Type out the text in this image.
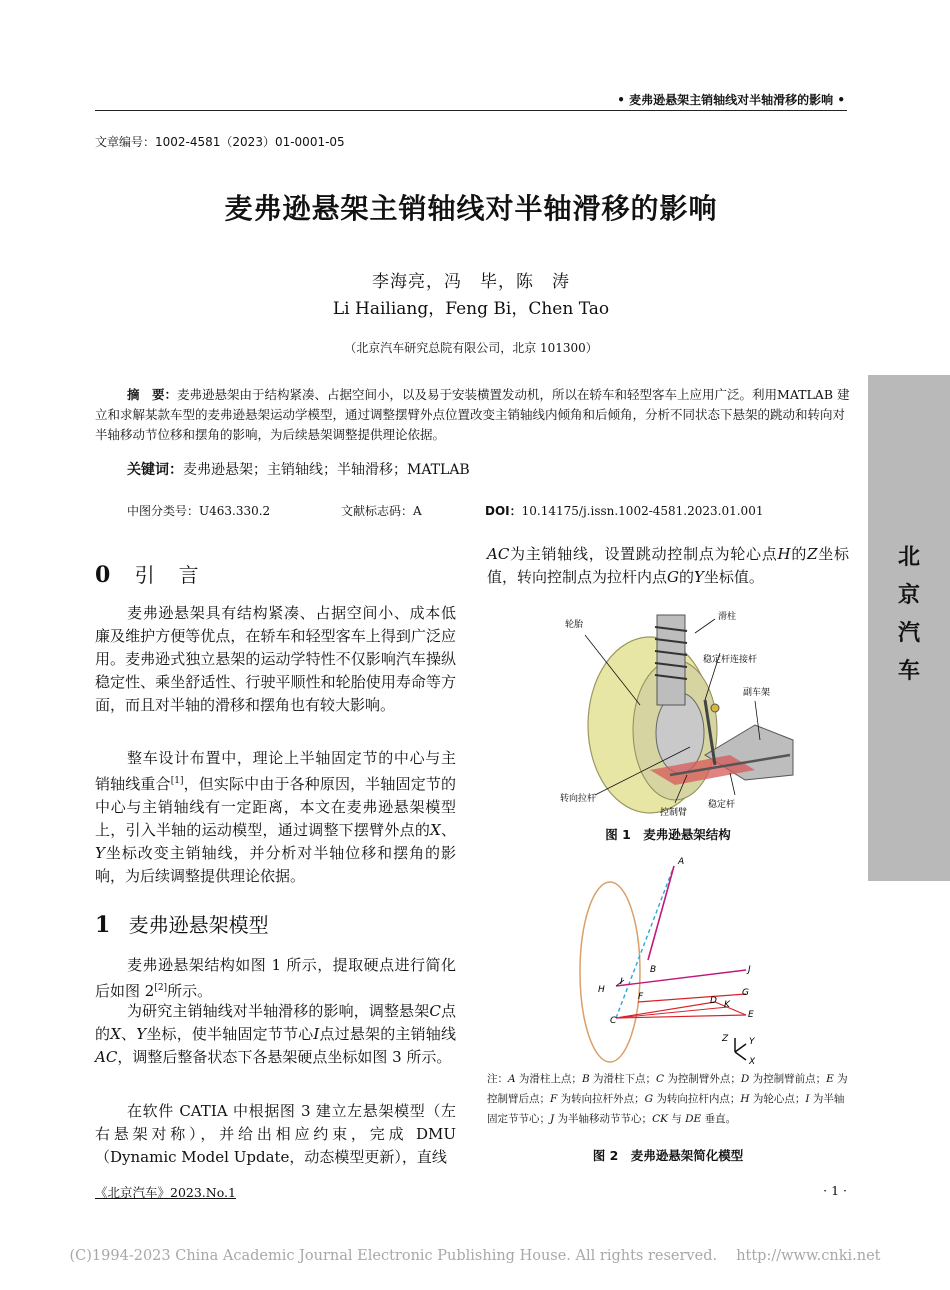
• 麦弗逊悬架主销轴线对半轴滑移的影响 •
文章编号：1002-4581（2023）01-0001-05
麦弗逊悬架主销轴线对半轴滑移的影响
李海亮，冯　毕，陈　涛
Li Hailiang，Feng Bi，Chen Tao
（北京汽车研究总院有限公司，北京 101300）
摘　要：麦弗逊悬架由于结构紧凑、占据空间小，以及易于安装横置发动机，所以在轿车和轻型客车上应用广泛。利用MATLAB 建立和求解某款车型的麦弗逊悬架运动学模型，通过调整摆臂外点位置改变主销轴线内倾角和后倾角，分析不同状态下悬架的跳动和转向对半轴移动节位移和摆角的影响，为后续悬架调整提供理论依据。
关键词：麦弗逊悬架；主销轴线；半轴滑移；MATLAB
中图分类号：U463.330.2	文献标志码：A	DOI：10.14175/j.issn.1002-4581.2023.01.001
北
京
汽
车
0 引　言
麦弗逊悬架具有结构紧凑、占据空间小、成本低廉及维护方便等优点，在轿车和轻型客车上得到广泛应用。麦弗逊式独立悬架的运动学特性不仅影响汽车操纵稳定性、乘坐舒适性、行驶平顺性和轮胎使用寿命等方面，而且对半轴的滑移和摆角也有较大影响。
整车设计布置中，理论上半轴固定节的中心与主销轴线重合[1]，但实际中由于各种原因，半轴固定节的中心与主销轴线有一定距离，本文在麦弗逊悬架模型上，引入半轴的运动模型，通过调整下摆臂外点的X、Y坐标改变主销轴线，并分析对半轴位移和摆角的影响，为后续调整提供理论依据。
1 麦弗逊悬架模型
麦弗逊悬架结构如图 1 所示，提取硬点进行简化后如图 2[2]所示。
为研究主销轴线对半轴滑移的影响，调整悬架C点的X、Y坐标，使半轴固定节节心I点过悬架的主销轴线AC，调整后整备状态下各悬架硬点坐标如图 3 所示。
在软件 CATIA 中根据图 3 建立左悬架模型（左右悬架对称），并给出相应约束，完成 DMU（Dynamic Model Update，动态模型更新），直线
AC为主销轴线，设置跳动控制点为轮心点H的Z坐标值，转向控制点为拉杆内点G的Y坐标值。
轮胎
滑柱
稳定杆连接杆
副车架
转向拉杆
控制臂
稳定杆
图 1　麦弗逊悬架结构
A
B
I
H
J
G
F	D K
C
E
Z Y
X
注：A 为滑柱上点；B 为滑柱下点；C 为控制臂外点；D 为控制臂前点；E 为控制臂后点；F 为转向拉杆外点；G 为转向拉杆内点；H 为轮心点；I 为半轴固定节节心；J 为半轴移动节节心；CK 与 DE 垂直。
图 2　麦弗逊悬架简化模型
《北京汽车》2023.No.1	· 1 ·
(C)1994-2023 China Academic Journal Electronic Publishing House. All rights reserved.　 http://www.cnki.net
